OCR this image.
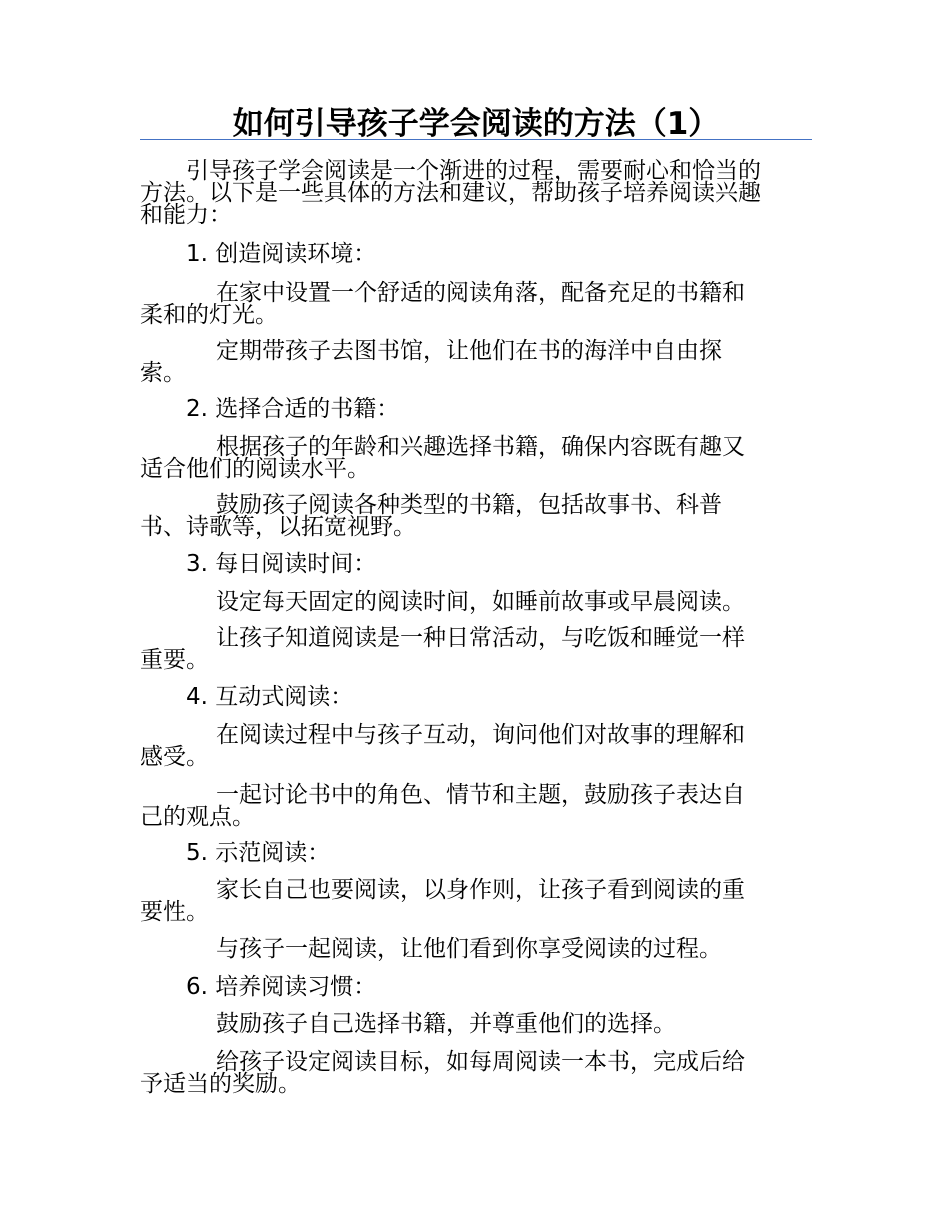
如何引导孩子学会阅读的方法（1）

引导孩子学会阅读是一个渐进的过程，需要耐心和恰当的
方法。以下是一些具体的方法和建议，帮助孩子培养阅读兴趣
和能力：

1. 创造阅读环境：

在家中设置一个舒适的阅读角落，配备充足的书籍和
柔和的灯光。

定期带孩子去图书馆，让他们在书的海洋中自由探
索。

2. 选择合适的书籍：

根据孩子的年龄和兴趣选择书籍，确保内容既有趣又
适合他们的阅读水平。

鼓励孩子阅读各种类型的书籍，包括故事书、科普
书、诗歌等，以拓宽视野。

3. 每日阅读时间：

设定每天固定的阅读时间，如睡前故事或早晨阅读。

让孩子知道阅读是一种日常活动，与吃饭和睡觉一样
重要。

4. 互动式阅读：

在阅读过程中与孩子互动，询问他们对故事的理解和
感受。

一起讨论书中的角色、情节和主题，鼓励孩子表达自
己的观点。

5. 示范阅读：

家长自己也要阅读，以身作则，让孩子看到阅读的重
要性。

与孩子一起阅读，让他们看到你享受阅读的过程。

6. 培养阅读习惯：

鼓励孩子自己选择书籍，并尊重他们的选择。

给孩子设定阅读目标，如每周阅读一本书，完成后给
予适当的奖励。
